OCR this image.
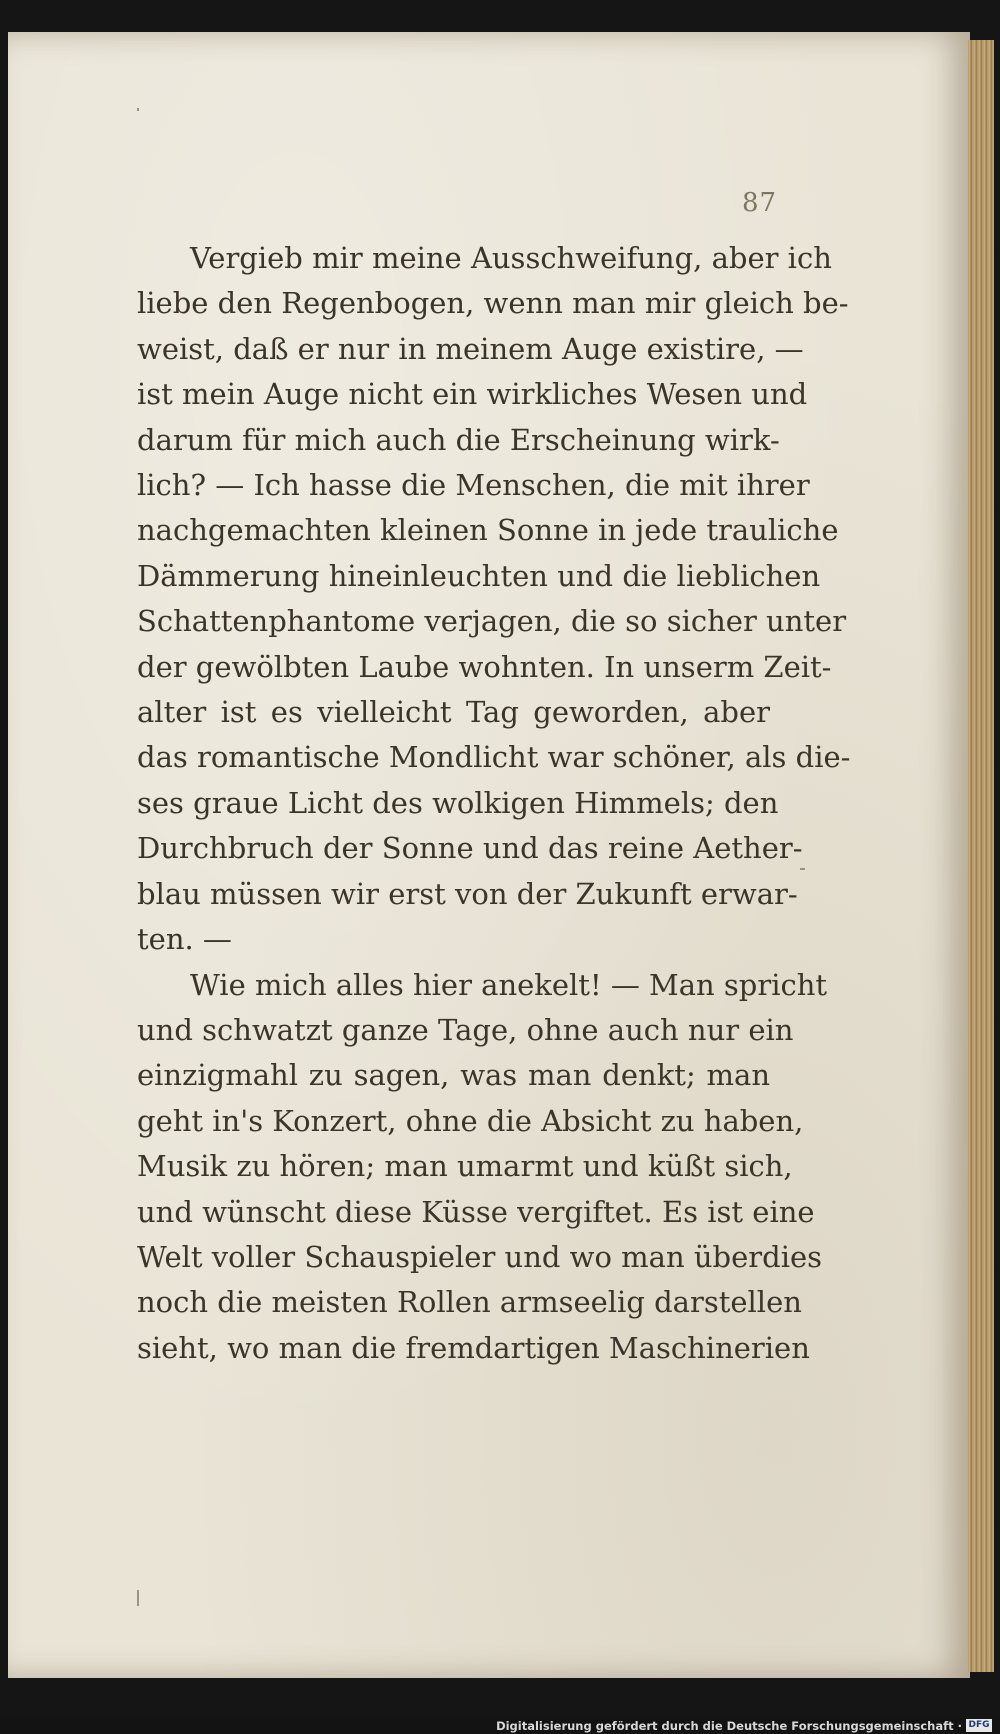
87
Vergieb mir meine Ausschweifung, aber ich
liebe den Regenbogen, wenn man mir gleich be-
weist, daß er nur in meinem Auge existire, —
ist mein Auge nicht ein wirkliches Wesen und
darum für mich auch die Erscheinung wirk-
lich? — Ich hasse die Menschen, die mit ihrer
nachgemachten kleinen Sonne in jede trauliche
Dämmerung hineinleuchten und die lieblichen
Schattenphantome verjagen, die so sicher unter
der gewölbten Laube wohnten. In unserm Zeit-
alter ist es vielleicht Tag geworden, aber
das romantische Mondlicht war schöner, als die-
ses graue Licht des wolkigen Himmels; den
Durchbruch der Sonne und das reine Aether-
blau müssen wir erst von der Zukunft erwar-
ten. —
Wie mich alles hier anekelt! — Man spricht
und schwatzt ganze Tage, ohne auch nur ein
einzigmahl zu sagen, was man denkt; man
geht in's Konzert, ohne die Absicht zu haben,
Musik zu hören; man umarmt und küßt sich,
und wünscht diese Küsse vergiftet. Es ist eine
Welt voller Schauspieler und wo man überdies
noch die meisten Rollen armseelig darstellen
sieht, wo man die fremdartigen Maschinerien
Digitalisierung gefördert durch die Deutsche Forschungsgemeinschaft · DFG
